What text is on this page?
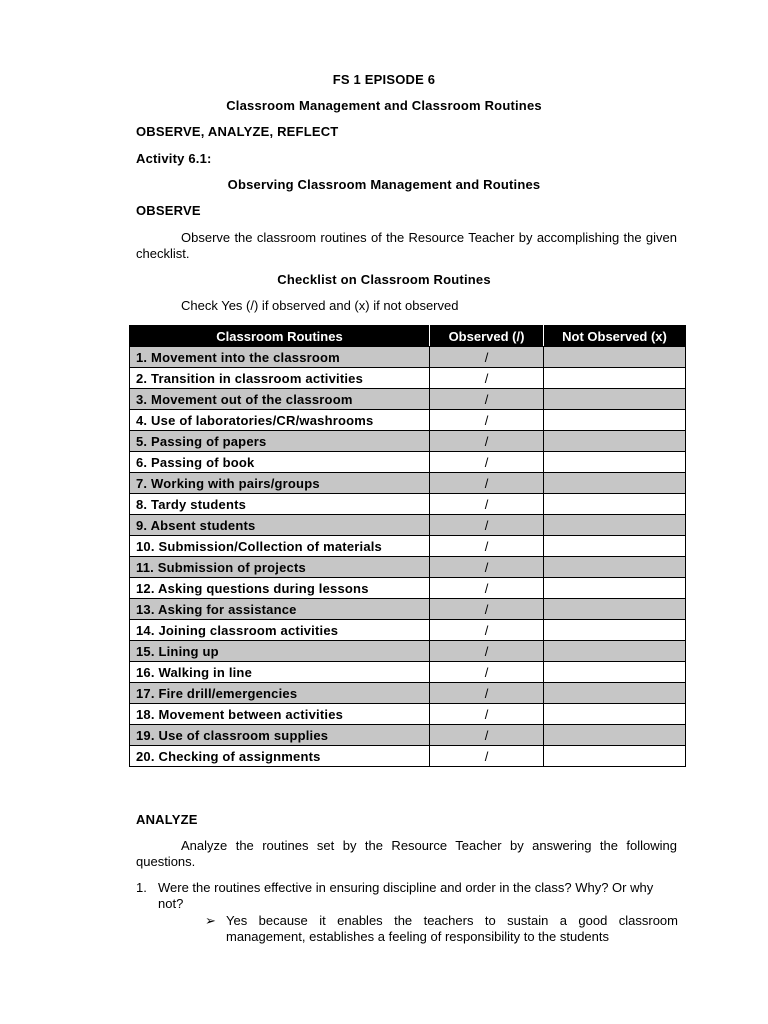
FS 1 EPISODE 6
Classroom Management and Classroom Routines
OBSERVE, ANALYZE, REFLECT
Activity 6.1:
Observing Classroom Management and Routines
OBSERVE
Observe the classroom routines of the Resource Teacher by accomplishing the given checklist.
Checklist on Classroom Routines
Check Yes (/) if observed and (x) if not observed
Classroom Routines	Observed (/)	Not Observed (x)
1. Movement into the classroom	/	
2. Transition in classroom activities	/	
3. Movement out of the classroom	/	
4. Use of laboratories/CR/washrooms	/	
5. Passing of papers	/	
6. Passing of book	/	
7. Working with pairs/groups	/	
8. Tardy students	/	
9. Absent students	/	
10. Submission/Collection of materials	/	
11. Submission of projects	/	
12. Asking questions during lessons	/	
13. Asking for assistance	/	
14. Joining classroom activities	/	
15. Lining up	/	
16. Walking in line	/	
17. Fire drill/emergencies	/	
18. Movement between activities	/	
19. Use of classroom supplies	/	
20. Checking of assignments	/	
ANALYZE
Analyze the routines set by the Resource Teacher by answering the following questions.
1. Were the routines effective in ensuring discipline and order in the class? Why? Or why not?
➢ Yes because it enables the teachers to sustain a good classroom management, establishes a feeling of responsibility to the students
